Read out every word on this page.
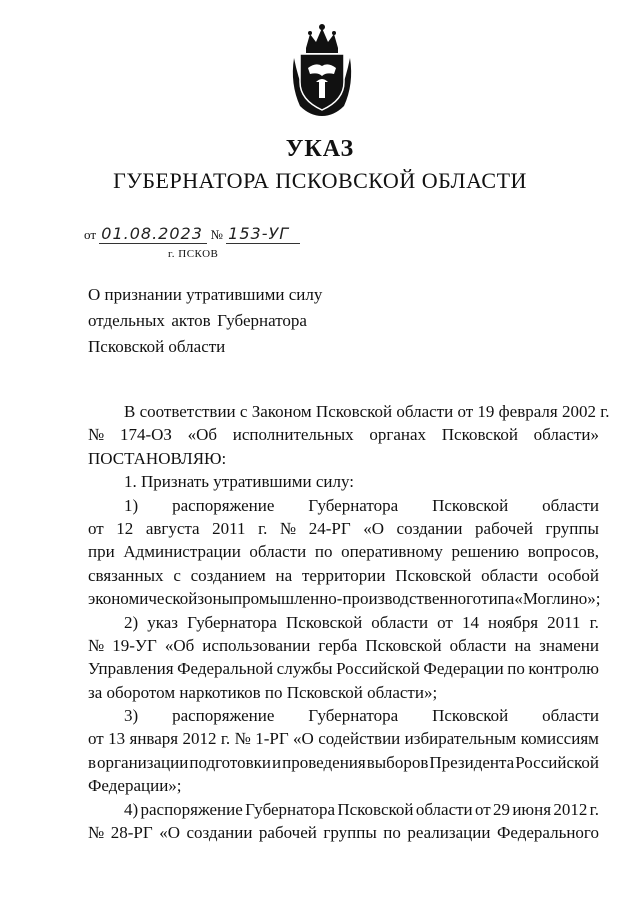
УКАЗ
ГУБЕРНАТОРА ПСКОВСКОЙ ОБЛАСТИ
от 01.08.2023 № 153-УГ
г. ПСКОВ
О признании утратившими силу
отдельных актов Губернатора
Псковской области
В соответствии с Законом Псковской области от 19 февраля 2002 г.
№ 174-ОЗ «Об исполнительных органах Псковской области»
ПОСТАНОВЛЯЮ:
1. Признать утратившими силу:
1) распоряжение Губернатора Псковской области
от 12 августа 2011 г. № 24-РГ «О создании рабочей группы
при Администрации области по оперативному решению вопросов,
связанных с созданием на территории Псковской области особой
экономической зоны промышленно-производственного типа «Моглино»;
2) указ Губернатора Псковской области от 14 ноября 2011 г.
№ 19-УГ «Об использовании герба Псковской области на знамени
Управления Федеральной службы Российской Федерации по контролю
за оборотом наркотиков по Псковской области»;
3) распоряжение Губернатора Псковской области
от 13 января 2012 г. № 1-РГ «О содействии избирательным комиссиям
в организации подготовки и проведения выборов Президента Российской
Федерации»;
4) распоряжение Губернатора Псковской области от 29 июня 2012 г.
№ 28-РГ «О создании рабочей группы по реализации Федерального
